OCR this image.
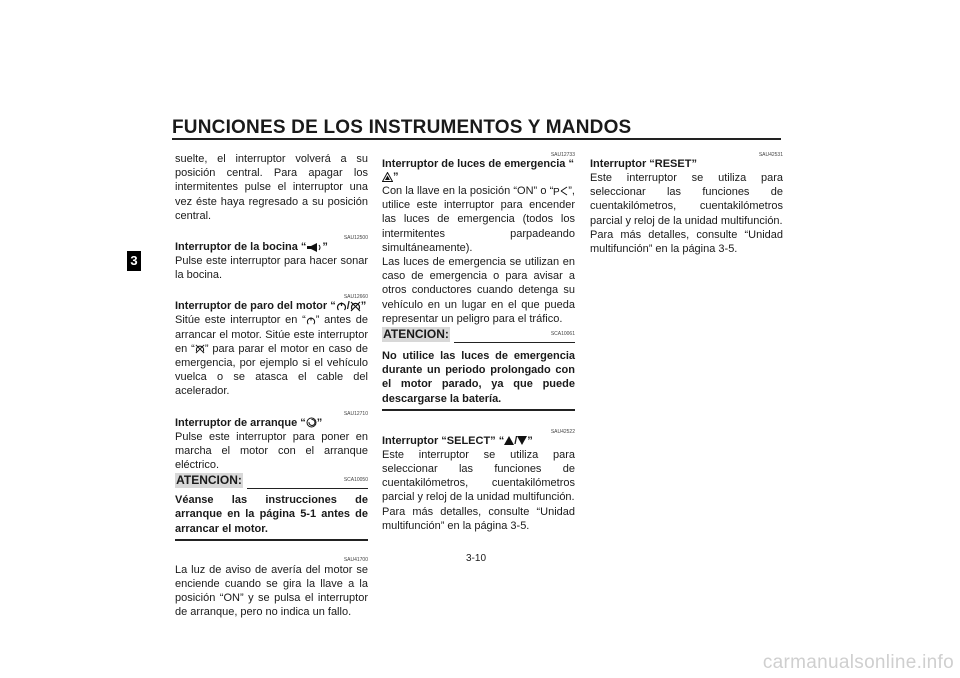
FUNCIONES DE LOS INSTRUMENTOS Y MANDOS
3

suelte, el interruptor volverá a su posición central. Para apagar los intermitentes pulse el interruptor una vez éste haya regresado a su posición central.

SAU12500
Interruptor de la bocina “ ”

Pulse este interruptor para hacer sonar la bocina.

SAU12660
Interruptor de paro del motor “ / ”

Sitúe este interruptor en “ ” antes de arrancar el motor. Sitúe este interruptor en “ ” para parar el motor en caso de emergencia, por ejemplo si el vehículo vuelca o se atasca el cable del acelerador.

SAU12710
Interruptor de arranque “ ”

Pulse este interruptor para poner en marcha el motor con el arranque eléctrico.

ATENCION:	SCA10050

Véanse las instrucciones de arranque en la página 5-1 antes de arrancar el motor.

SAU41700

La luz de aviso de avería del motor se enciende cuando se gira la llave a la posición “ON” y se pulsa el interruptor de arranque, pero no indica un fallo.

SAU12733
Interruptor de luces de emergencia “”

Con la llave en la posición “ON” o “ P ”, utilice este interruptor para encender las luces de emergencia (todos los intermitentes parpadeando simultáneamente).

Las luces de emergencia se utilizan en caso de emergencia o para avisar a otros conductores cuando detenga su vehículo en un lugar en el que pueda representar un peligro para el tráfico.

ATENCION:	SCA10061

No utilice las luces de emergencia durante un periodo prolongado con el motor parado, ya que puede descargarse la batería.

SAU42522
Interruptor “SELECT” “ / ”

Este interruptor se utiliza para seleccionar las funciones de cuentakilómetros, cuentakilómetros parcial y reloj de la unidad multifunción.

Para más detalles, consulte “Unidad multifunción” en la página 3-5.

SAU42531
Interruptor “RESET”

Este interruptor se utiliza para seleccionar las funciones de cuentakilómetros, cuentakilómetros parcial y reloj de la unidad multifunción.

Para más detalles, consulte “Unidad multifunción” en la página 3-5.

3-10
carmanualsonline.info
